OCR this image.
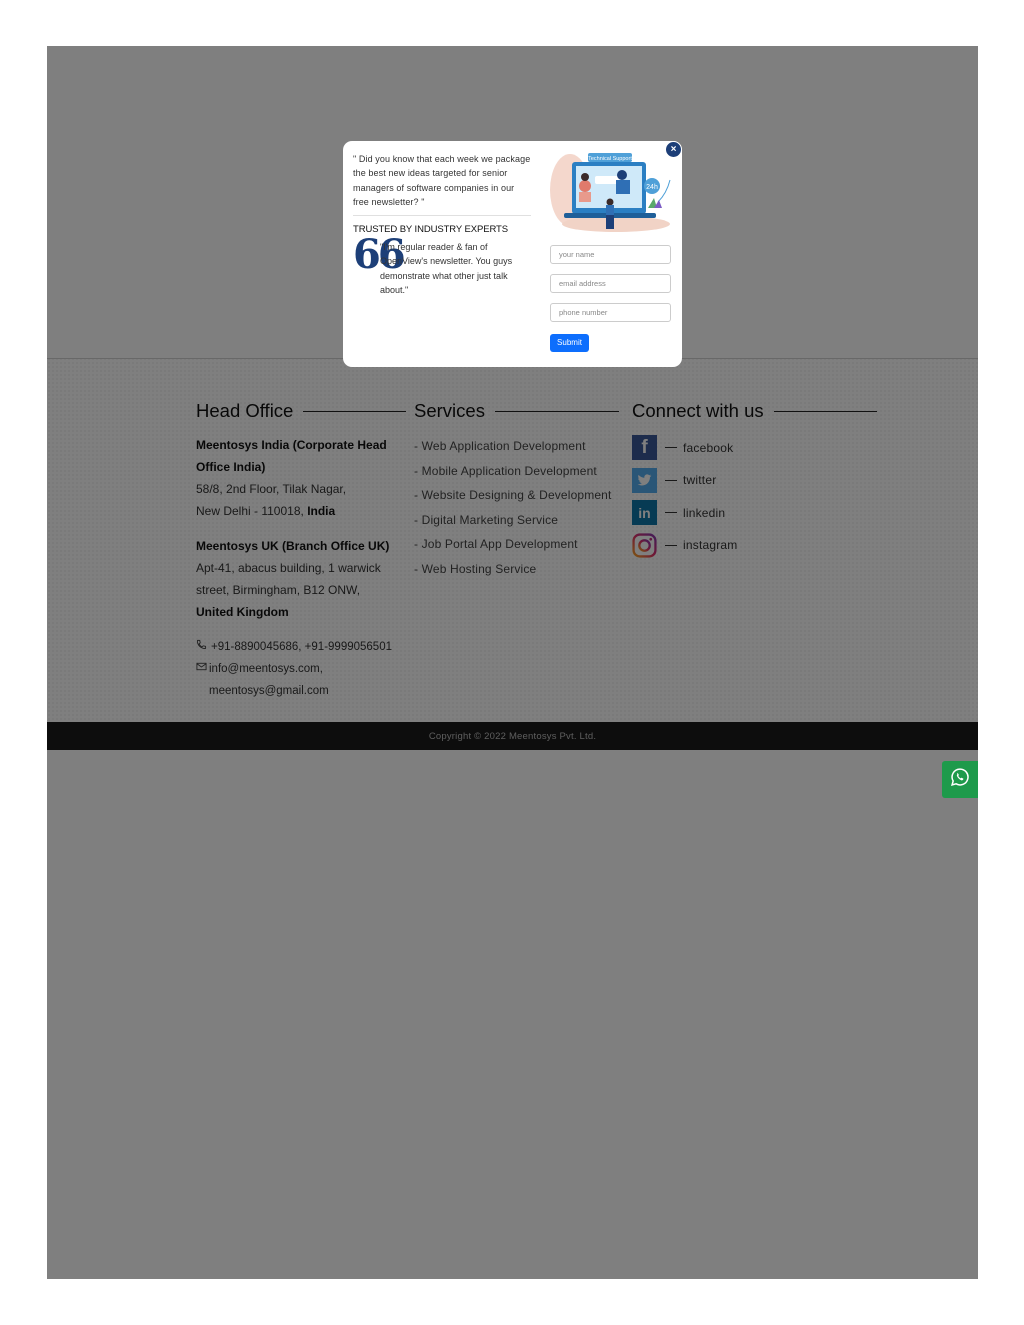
×

" Did you know that each week we package the best new ideas targeted for senior managers of software companies in our free newsletter? "

TRUSTED BY INDUSTRY EXPERTS

66

"I'm regular reader & fan of OpenView's newsletter. You guys demonstrate what other just talk about."

Technical Support
24h
your name
email address
phone number Submit
